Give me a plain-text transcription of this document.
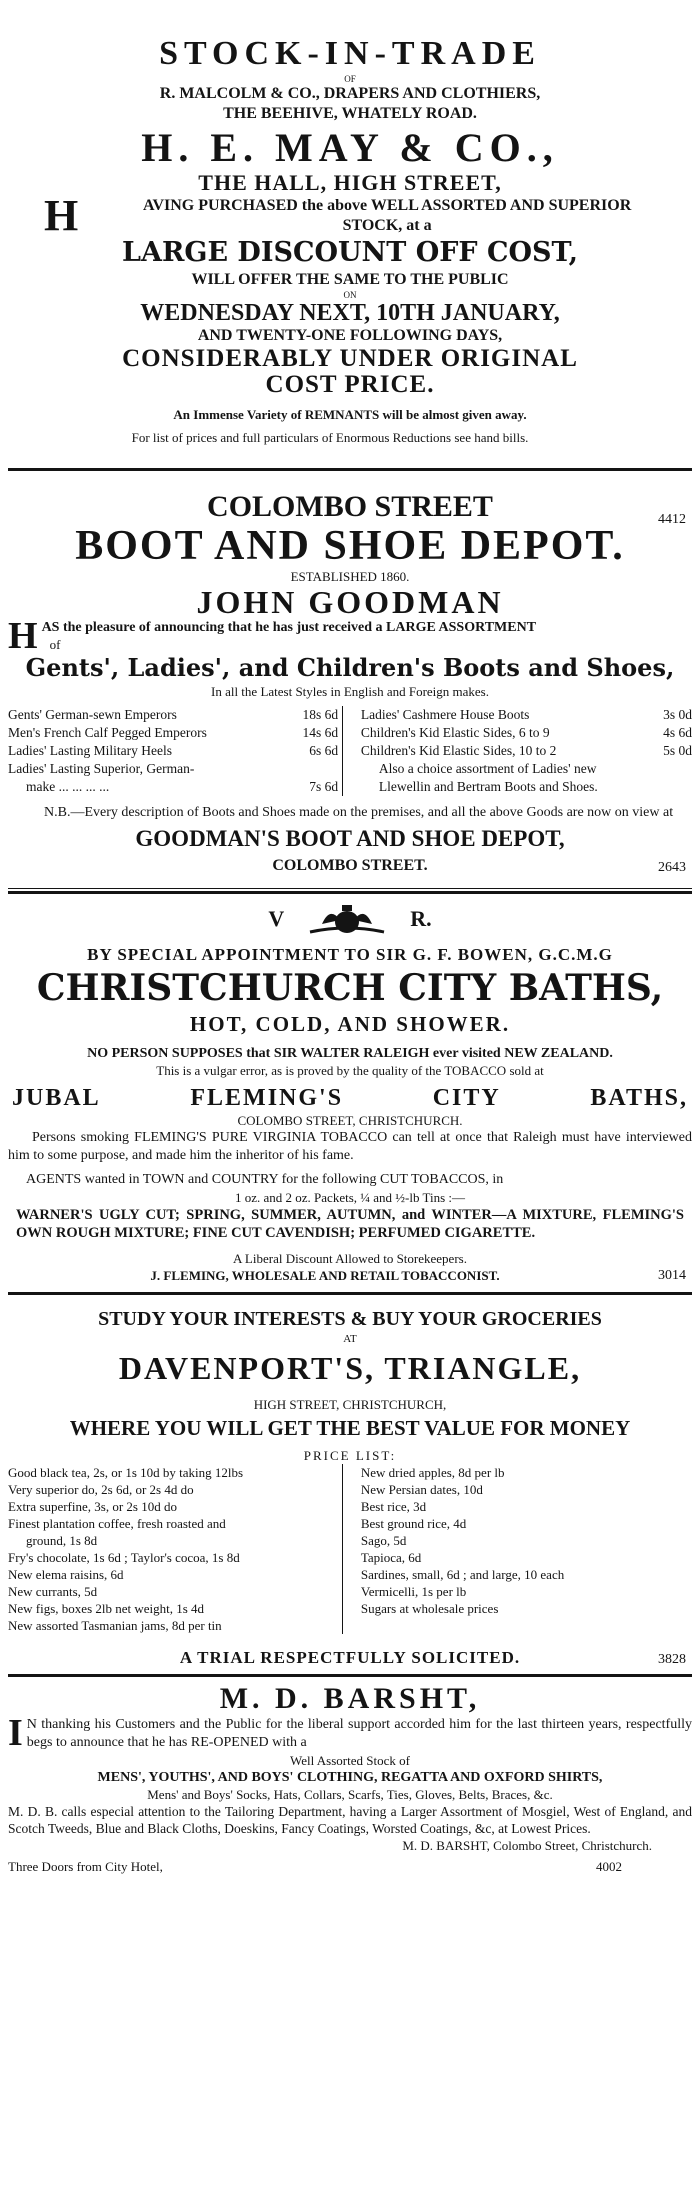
STOCK-IN-TRADE
OF
R. MALCOLM & CO., DRAPERS AND CLOTHIERS,
THE BEEHIVE, WHATELY ROAD.
H. E. MAY & CO.,
THE HALL, HIGH STREET,
H	AVING PURCHASED the above WELL ASSORTED AND SUPERIOR
STOCK, at a
LARGE DISCOUNT OFF COST,
WILL OFFER THE SAME TO THE PUBLIC
ON
WEDNESDAY NEXT, 10TH JANUARY,
AND TWENTY-ONE FOLLOWING DAYS,
CONSIDERABLY UNDER ORIGINAL
COST PRICE.
An Immense Variety of REMNANTS will be almost given away.
For list of prices and full particulars of Enormous Reductions see hand bills.
4412
COLOMBO STREET
BOOT AND SHOE DEPOT.
ESTABLISHED 1860.
JOHN GOODMAN
H AS the pleasure of announcing that he has just received a LARGE ASSORTMENT
of
Gents', Ladies', and Children's Boots and Shoes,
In all the Latest Styles in English and Foreign makes.
Gents' German-sewn Emperors	18s 6d
Men's French Calf Pegged Emperors	14s 6d
Ladies' Lasting Military Heels	6s 6d
Ladies' Lasting Superior, German-
make ... ... ... ...	7s 6d
Ladies' Cashmere House Boots	3s 0d
Children's Kid Elastic Sides, 6 to 9	4s 6d
Children's Kid Elastic Sides, 10 to 2	5s 0d
Also a choice assortment of Ladies' new
Llewellin and Bertram Boots and Shoes.
N.B.—Every description of Boots and Shoes made on the premises, and all the above Goods are now on view at
GOODMAN'S BOOT AND SHOE DEPOT,
COLOMBO STREET.	2643
V	R.
BY SPECIAL APPOINTMENT TO SIR G. F. BOWEN, G.C.M.G
CHRISTCHURCH CITY BATHS,
HOT, COLD, AND SHOWER.
NO PERSON SUPPOSES that SIR WALTER RALEIGH ever visited NEW ZEALAND.
This is a vulgar error, as is proved by the quality of the TOBACCO sold at
JUBAL	FLEMING'S	CITY	BATHS,
COLOMBO STREET, CHRISTCHURCH.
Persons smoking FLEMING'S PURE VIRGINIA TOBACCO can tell at once that Raleigh must have interviewed him to some purpose, and made him the inheritor of his fame.
AGENTS wanted in TOWN and COUNTRY for the following CUT TOBACCOS, in
1 oz. and 2 oz. Packets, ¼ and ½-lb Tins :—
WARNER'S UGLY CUT; SPRING, SUMMER, AUTUMN, and WINTER—A MIXTURE, FLEMING'S OWN ROUGH MIXTURE; FINE CUT CAVENDISH; PERFUMED CIGARETTE.
A Liberal Discount Allowed to Storekeepers.
J. FLEMING, WHOLESALE AND RETAIL TOBACCONIST.	3014
STUDY YOUR INTERESTS & BUY YOUR GROCERIES
AT
DAVENPORT'S, TRIANGLE,
HIGH STREET, CHRISTCHURCH,
WHERE YOU WILL GET THE BEST VALUE FOR MONEY
PRICE LIST:
Good black tea, 2s, or 1s 10d by taking 12lbs
Very superior do, 2s 6d, or 2s 4d do
Extra superfine, 3s, or 2s 10d do
Finest plantation coffee, fresh roasted and
ground, 1s 8d
Fry's chocolate, 1s 6d ; Taylor's cocoa, 1s 8d
New elema raisins, 6d
New currants, 5d
New figs, boxes 2lb net weight, 1s 4d
New assorted Tasmanian jams, 8d per tin
New dried apples, 8d per lb
New Persian dates, 10d
Best rice, 3d
Best ground rice, 4d
Sago, 5d
Tapioca, 6d
Sardines, small, 6d ; and large, 10 each
Vermicelli, 1s per lb
Sugars at wholesale prices
A TRIAL RESPECTFULLY SOLICITED.	3828
M. D. BARSHT,
I N thanking his Customers and the Public for the liberal support accorded him for the last thirteen years, respectfully begs to announce that he has RE-OPENED with a
Well Assorted Stock of
MENS', YOUTHS', AND BOYS' CLOTHING, REGATTA AND OXFORD SHIRTS,
Mens' and Boys' Socks, Hats, Collars, Scarfs, Ties, Gloves, Belts, Braces, &c.
M. D. B. calls especial attention to the Tailoring Department, having a Larger Assortment of Mosgiel, West of England, and Scotch Tweeds, Blue and Black Cloths, Doeskins, Fancy Coatings, Worsted Coatings, &c, at Lowest Prices.
M. D. BARSHT, Colombo Street, Christchurch.
Three Doors from City Hotel,	4002
